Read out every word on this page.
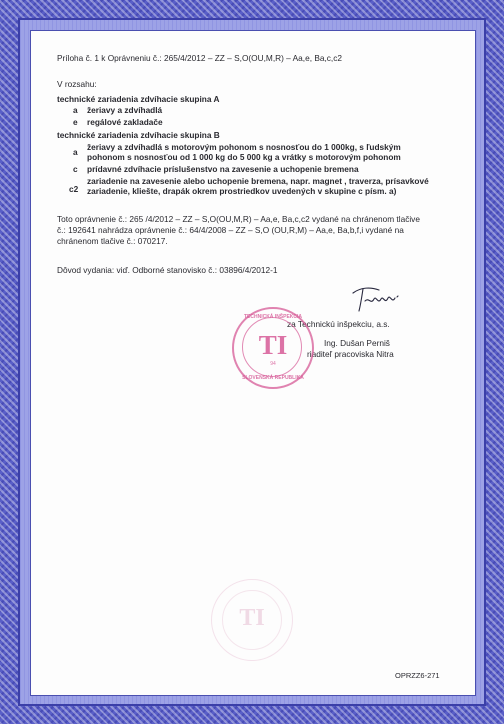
Príloha č. 1 k Oprávneniu č.: 265/4/2012 – ZZ – S,O(OU,M,R) – Aa,e, Ba,c,c2
V rozsahu:
technické zariadenia zdvíhacie skupina A
a žeriavy a zdvíhadlá
e regálové zakladače
technické zariadenia zdvíhacie skupina B
a žeriavy a zdvíhadlá s motorovým pohonom s nosnosťou do 1 000kg, s ľudským
pohonom s nosnosťou od 1 000 kg do 5 000 kg a vrátky s motorovým pohonom
c prídavné zdvíhacie príslušenstvo na zavesenie a uchopenie bremena
c2
zariadenie na zavesenie alebo uchopenie bremena, napr. magnet , traverza, prísavkové
zariadenie, kliešte, drapák okrem prostriedkov uvedených v skupine c písm. a)
Toto oprávnenie č.: 265 /4/2012 – ZZ – S,O(OU,M,R) – Aa,e, Ba,c,c2 vydané na chránenom tlačive
č.: 192641 nahrádza oprávnenie č.: 64/4/2008 – ZZ – S,O (OU,R,M) – Aa,e, Ba,b,f,i vydané na
chránenom tlačive č.: 070217.
Dôvod vydania: viď. Odborné stanovisko č.: 03896/4/2012-1
za Technickú inšpekciu, a.s.
Ing. Dušan Perniš
riaditeľ pracoviska Nitra
TI
TECHNICKÁ INŠPEKCIA
SLOVENSKÁ REPUBLIKA
94
TI
OPRZZ6-271
